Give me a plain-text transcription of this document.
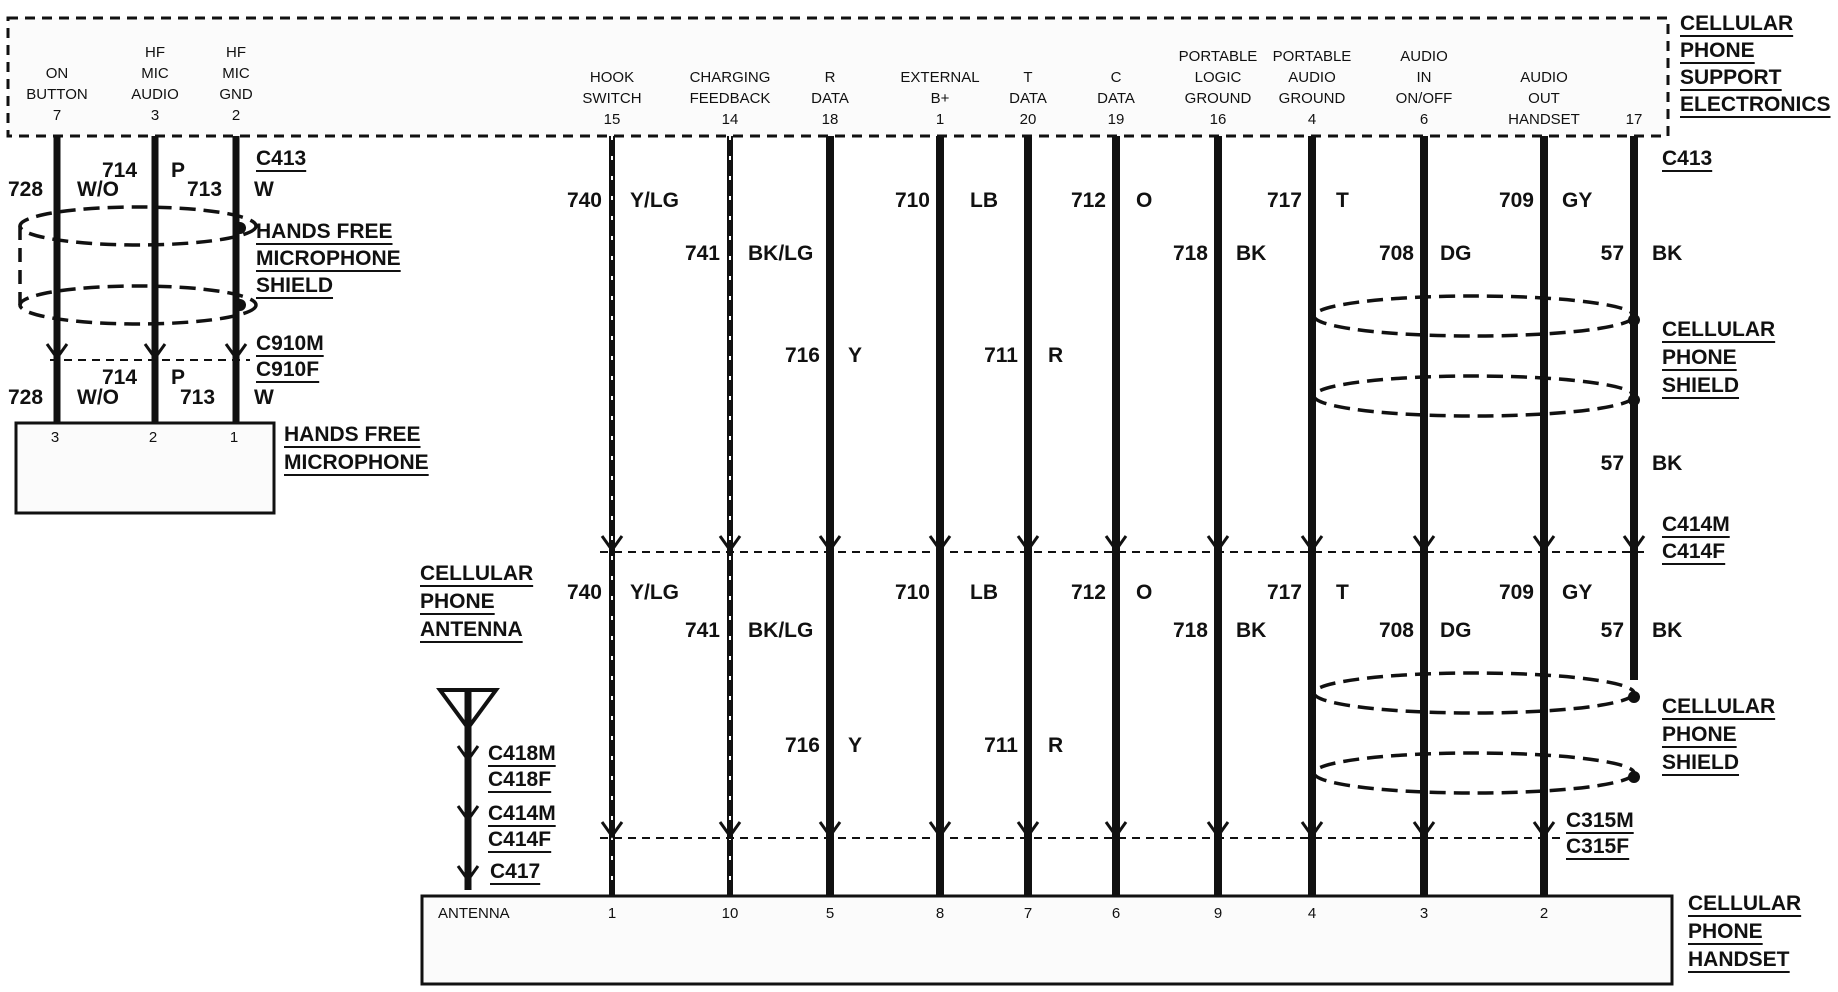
CELLULAR
PHONE
SUPPORT
ELECTRONICS
CELLULAR
PHONE
HANDSET
HANDS FREE
MICROPHONE
ANTENNA
ON
BUTTON
7
3
HF
MIC
AUDIO
3
2
HF
MIC
GND
2
1
728 W/O
714 P
713 W
728 W/O
714 P
713 W
C413
C910M
C910F
HANDS FREE
MICROPHONE
SHIELD
HOOK
SWITCH
15
740 Y/LG
740 Y/LG
1
CHARGING
FEEDBACK
14
741 BK/LG
741 BK/LG
10
R
DATA
18
716 Y
716 Y
5
EXTERNAL
B+
1
710 LB
710 LB
8
T
DATA
20
711 R
711 R
7
C
DATA
19
712 O
712 O
6
PORTABLE
LOGIC
GROUND
16
718 BK
718 BK
9
PORTABLE
AUDIO
GROUND
4
717 T
717 T
4
AUDIO
IN
ON/OFF
6
708 DG
708 DG
3
AUDIO
OUT
HANDSET
709 GY
709 GY
2
17
57 BK
57 BK
57 BK
C413
C414M
C414F
C315M
C315F
CELLULAR
PHONE
SHIELD
CELLULAR
PHONE
SHIELD
CELLULAR
PHONE
ANTENNA
C418M
C418F
C414M
C414F
C417
